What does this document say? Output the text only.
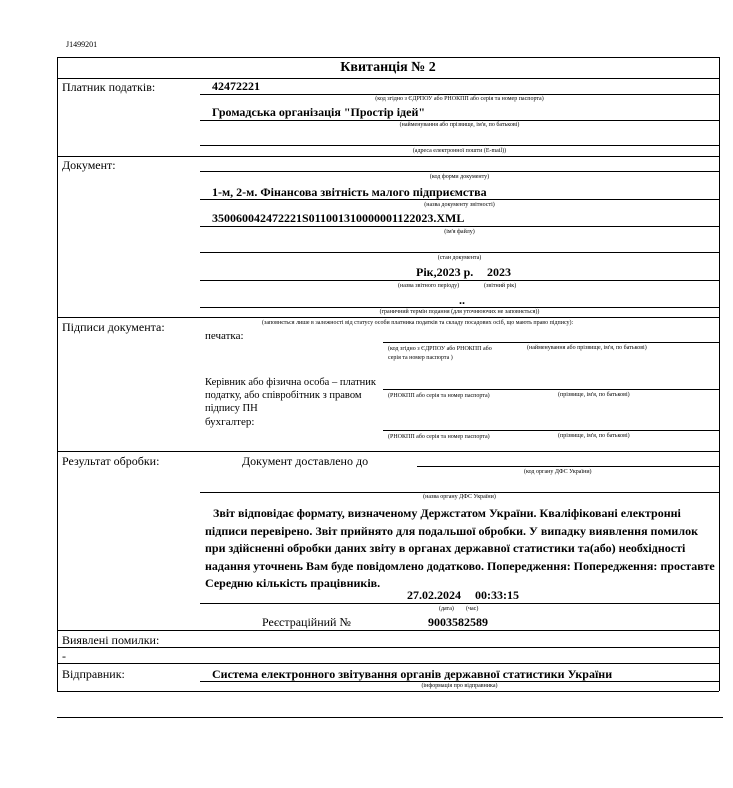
J1499201
Квитанція № 2
Платник податків:	42472221
(код згідно з ЄДРПОУ або РНОКПП або серія та номер паспорта)
Громадська організація "Простір ідей"
(найменування або прізвище, ім'я, по батькові)
(адреса електронної пошти (E-mail))
Документ:
(код форми документу)
1-м, 2-м. Фінансова звітність малого підприємства
(назва документу звітності)
350060042472221S0110013100000011220​23.XML
(ім'я файлу)
(стан документа)
Рік,2023 р. 2023
(назва звітного періоду)	(звітний рік)
..
(граничний термін подання (для уточнюючих не заповнється))
Підписи документа:	(заповнється лише в залежності від статусу особи платника податків та складу посадових осіб, що мають право підпису):
печатка:
(код згідно з ЄДРПОУ або РНОКПП або серія та номер паспорта )
(найменування або прізвище, ім'я, по батькові)
Керівник або фізична особа – платник податку, або співробітник з правом підпису ПН
(РНОКПП або серія та номер паспорта)	(прізвище, ім'я, по батькові)
бухгалтер:
(РНОКПП або серія та номер паспорта)	(прізвище, ім'я, по батькові)
Результат обробки:	Документ доставлено до
(код органу ДФС України)
(назва органу ДФС України)
Звіт відповідає формату, визначеному Держстатом України. Кваліфіковані електронні підписи перевірено. Звіт прийнято для подальшої обробки. У випадку виявлення помилок при здійсненні обробки даних звіту в органах державної статистики та(або) необхідності надання уточнень Вам буде повідомлено додатково. Попередження: Попередження: проставте Середню кількість працівників.
27.02.2024 00:33:15
(дата) (час)
Реєстраційний №	9003582589
Виявлені помилки:
-
Відправник:	Система електронного звітування органів державної статистики України
(інформація про відправника)
